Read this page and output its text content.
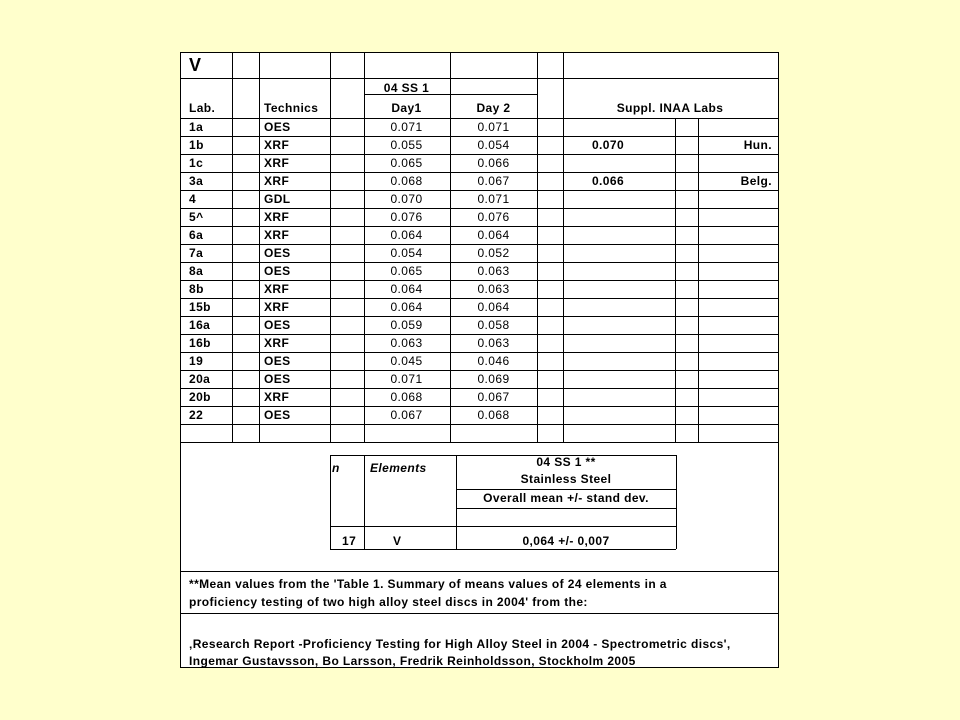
V
Lab.	Technics
04 SS 1
Day1	Day 2	Suppl. INAA Labs
1a	OES	0.071	0.071
1b	XRF	0.055	0.054	0.070	Hun.
1c	XRF	0.065	0.066
3a	XRF	0.068	0.067	0.066	Belg.
4	GDL	0.070	0.071
5^	XRF	0.076	0.076
6a	XRF	0.064	0.064
7a	OES	0.054	0.052
8a	OES	0.065	0.063
8b	XRF	0.064	0.063
15b	XRF	0.064	0.064
16a	OES	0.059	0.058
16b	XRF	0.063	0.063
19	OES	0.045	0.046
20a	OES	0.071	0.069
20b	XRF	0.068	0.067
22	OES	0.067	0.068
n	Elements	04 SS 1 **
Stainless Steel
Overall mean +/- stand dev.
17	V	0,064 +/- 0,007
**Mean values from the 'Table 1. Summary of means values of 24 elements in a
proficiency testing of two high alloy steel discs in 2004' from the:
‚Research Report -Proficiency Testing for High Alloy Steel in 2004 - Spectrometric discs',
Ingemar Gustavsson, Bo Larsson, Fredrik Reinholdsson, Stockholm 2005
